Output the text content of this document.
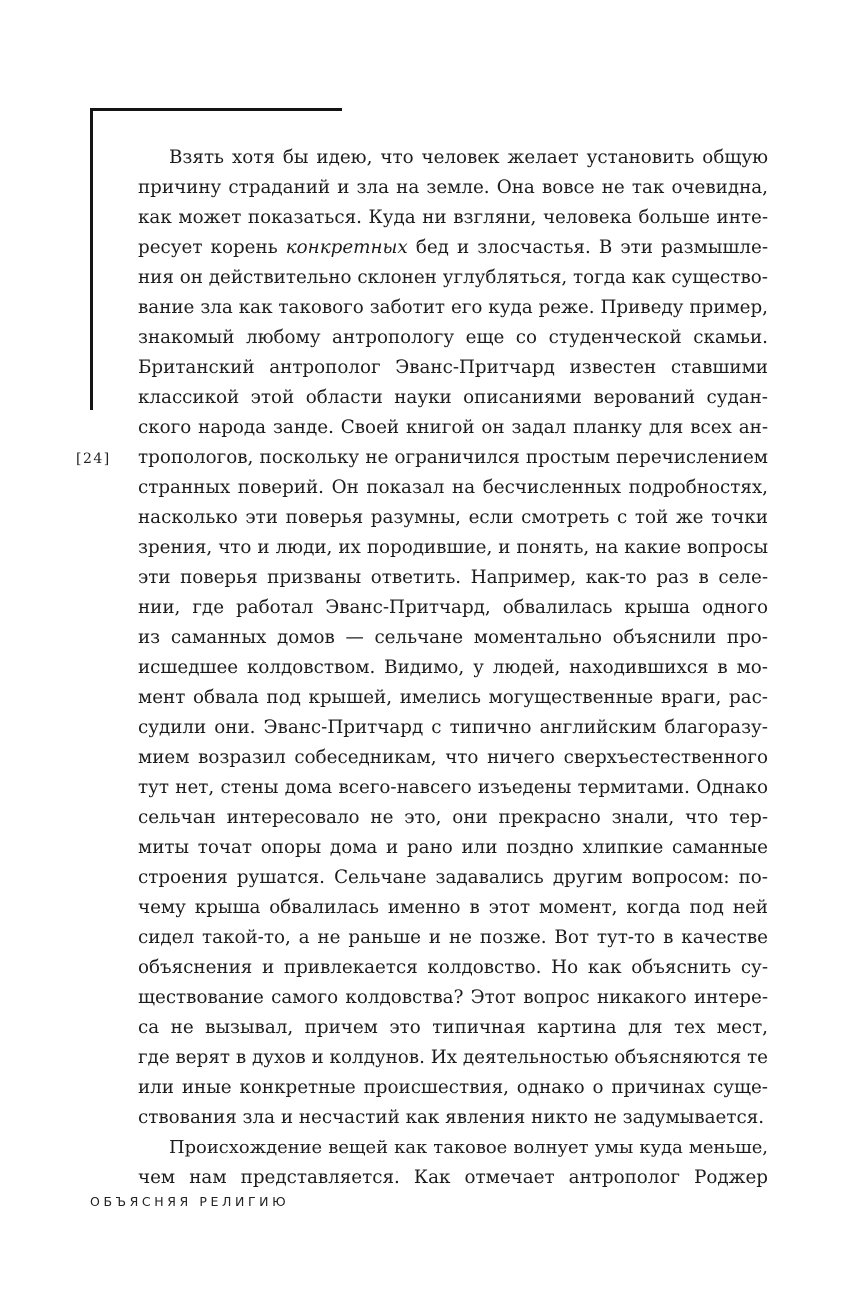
[24]

Взять хотя бы идею, что человек желает установить общую
причину страданий и зла на земле. Она вовсе не так очевидна,
как может показаться. Куда ни взгляни, человека больше инте-
ресует корень конкретных бед и злосчастья. В эти размышле-
ния он действительно склонен углубляться, тогда как существо-
вание зла как такового заботит его куда реже. Приведу пример,
знакомый любому антропологу еще со студенческой скамьи.
Британский антрополог Эванс-Притчард известен ставшими
классикой этой области науки описаниями верований судан-
ского народа занде. Своей книгой он задал планку для всех ан-
тропологов, поскольку не ограничился простым перечислением
странных поверий. Он показал на бесчисленных подробностях,
насколько эти поверья разумны, если смотреть с той же точки
зрения, что и люди, их породившие, и понять, на какие вопросы
эти поверья призваны ответить. Например, как-то раз в селе-
нии, где работал Эванс-Притчард, обвалилась крыша одного
из саманных домов — сельчане моментально объяснили про-
исшедшее колдовством. Видимо, у людей, находившихся в мо-
мент обвала под крышей, имелись могущественные враги, рас-
судили они. Эванс-Притчард с типично английским благоразу-
мием возразил собеседникам, что ничего сверхъестественного
тут нет, стены дома всего-навсего изъедены термитами. Однако
сельчан интересовало не это, они прекрасно знали, что тер-
миты точат опоры дома и рано или поздно хлипкие саманные
строения рушатся. Сельчане задавались другим вопросом: по-
чему крыша обвалилась именно в этот момент, когда под ней
сидел такой-то, а не раньше и не позже. Вот тут-то в качестве
объяснения и привлекается колдовство. Но как объяснить су-
ществование самого колдовства? Этот вопрос никакого интере-
са не вызывал, причем это типичная картина для тех мест,
где верят в духов и колдунов. Их деятельностью объясняются те
или иные конкретные происшествия, однако о причинах суще-
ствования зла и несчастий как явления никто не задумывается.
Происхождение вещей как таковое волнует умы куда меньше,
чем нам представляется. Как отмечает антрополог Роджер

ОБЪЯСНЯЯ РЕЛИГИЮ
